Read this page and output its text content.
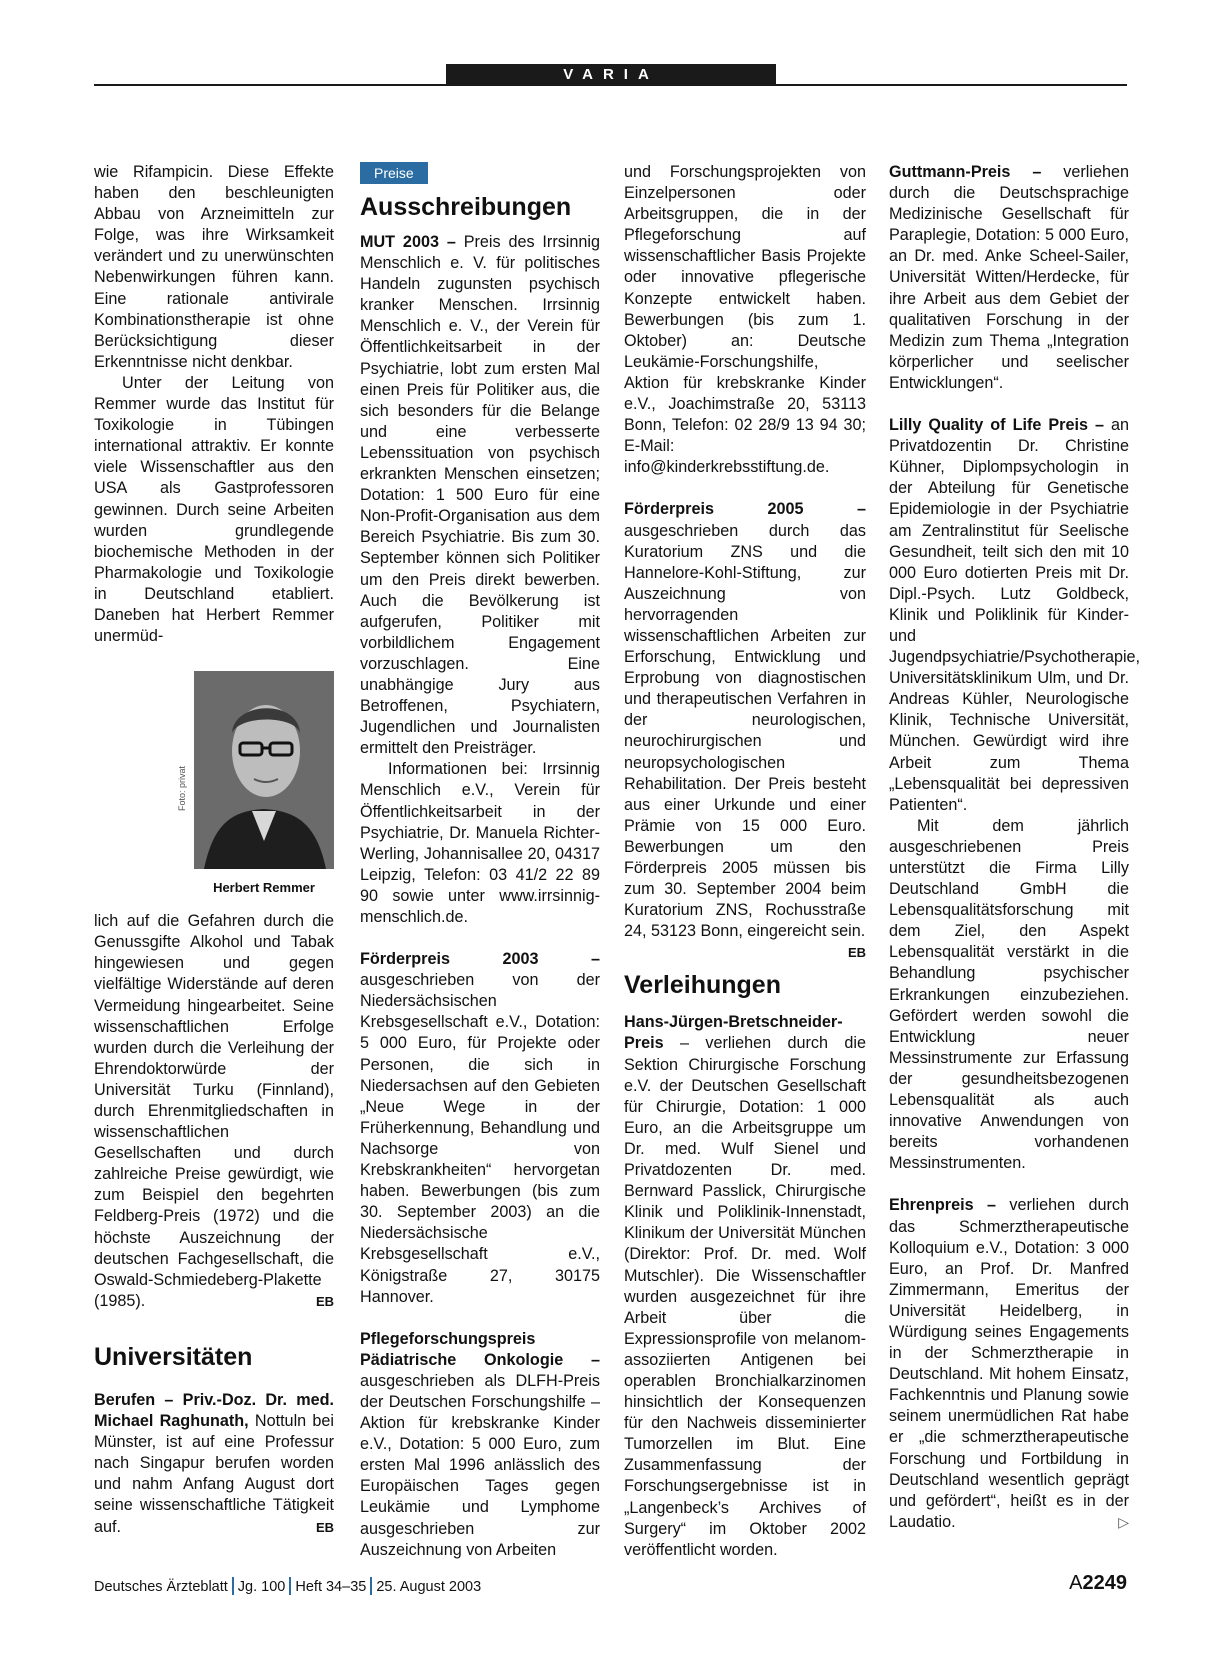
VARIA

wie Rifampicin. Diese Effekte haben den beschleunigten Abbau von Arzneimitteln zur Folge, was ihre Wirksamkeit verändert und zu unerwünschten Nebenwirkungen führen kann. Eine rationale antivirale Kombinationstherapie ist ohne Berücksichtigung dieser Erkenntnisse nicht denkbar.

Unter der Leitung von Remmer wurde das Institut für Toxikologie in Tübingen international attraktiv. Er konnte viele Wissenschaftler aus den USA als Gastprofessoren gewinnen. Durch seine Arbeiten wurden grundlegende biochemische Methoden in der Pharmakologie und Toxikologie in Deutschland etabliert. Daneben hat Herbert Remmer unermüd-

Foto: privat
Herbert Remmer

lich auf die Gefahren durch die Genussgifte Alkohol und Tabak hingewiesen und gegen vielfältige Widerstände auf deren Vermeidung hingearbeitet. Seine wissenschaftlichen Erfolge wurden durch die Verleihung der Ehrendoktorwürde der Universität Turku (Finnland), durch Ehrenmitgliedschaften in wissenschaftlichen Gesellschaften und durch zahlreiche Preise gewürdigt, wie zum Beispiel den begehrten Feldberg-Preis (1972) und die höchste Auszeichnung der deutschen Fachgesellschaft, die Oswald-Schmiedeberg-Plakette (1985).	EB

Universitäten

Berufen – Priv.-Doz. Dr. med. Michael Raghunath, Nottuln bei Münster, ist auf eine Professur nach Singapur berufen worden und nahm Anfang August dort seine wissenschaftliche Tätigkeit auf.	EB

Preise
Ausschreibungen

MUT 2003 – Preis des Irrsinnig Menschlich e. V. für politisches Handeln zugunsten psychisch kranker Menschen. Irrsinnig Menschlich e. V., der Verein für Öffentlichkeitsarbeit in der Psychiatrie, lobt zum ersten Mal einen Preis für Politiker aus, die sich besonders für die Belange und eine verbesserte Lebenssituation von psychisch erkrankten Menschen einsetzen; Dotation: 1 500 Euro für eine Non-Profit-Organisation aus dem Bereich Psychiatrie. Bis zum 30. September können sich Politiker um den Preis direkt bewerben. Auch die Bevölkerung ist aufgerufen, Politiker mit vorbildlichem Engagement vorzuschlagen. Eine unabhängige Jury aus Betroffenen, Psychiatern, Jugendlichen und Journalisten ermittelt den Preisträger.

Informationen bei: Irrsinnig Menschlich e.V., Verein für Öffentlichkeitsarbeit in der Psychiatrie, Dr. Manuela Richter-Werling, Johannisallee 20, 04317 Leipzig, Telefon: 03 41/2 22 89 90 sowie unter www.irrsinnig-menschlich.de.

Förderpreis 2003 – ausgeschrieben von der Niedersächsischen Krebsgesellschaft e.V., Dotation: 5 000 Euro, für Projekte oder Personen, die sich in Niedersachsen auf den Gebieten „Neue Wege in der Früherkennung, Behandlung und Nachsorge von Krebskrankheiten“ hervorgetan haben. Bewerbungen (bis zum 30. September 2003) an die Niedersächsische Krebsgesellschaft e.V., Königstraße 27, 30175 Hannover.

Pflegeforschungspreis Pädiatrische Onkologie – ausgeschrieben als DLFH-Preis der Deutschen Forschungshilfe – Aktion für krebskranke Kinder e.V., Dotation: 5 000 Euro, zum ersten Mal 1996 anlässlich des Europäischen Tages gegen Leukämie und Lymphome ausgeschrieben zur Auszeichnung von Arbeiten

und Forschungsprojekten von Einzelpersonen oder Arbeitsgruppen, die in der Pflegeforschung auf wissenschaftlicher Basis Projekte oder innovative pflegerische Konzepte entwickelt haben. Bewerbungen (bis zum 1. Oktober) an: Deutsche Leukämie-Forschungshilfe, Aktion für krebskranke Kinder e.V., Joachimstraße 20, 53113 Bonn, Telefon: 02 28/9 13 94 30; E-Mail: info@kinderkrebsstiftung.de.

Förderpreis 2005 – ausgeschrieben durch das Kuratorium ZNS und die Hannelore-Kohl-Stiftung, zur Auszeichnung von hervorragenden wissenschaftlichen Arbeiten zur Erforschung, Entwicklung und Erprobung von diagnostischen und therapeutischen Verfahren in der neurologischen, neurochirurgischen und neuropsychologischen Rehabilitation. Der Preis besteht aus einer Urkunde und einer Prämie von 15 000 Euro. Bewerbungen um den Förderpreis 2005 müssen bis zum 30. September 2004 beim Kuratorium ZNS, Rochusstraße 24, 53123 Bonn, eingereicht sein.
EB

Verleihungen

Hans-Jürgen-Bretschneider-Preis – verliehen durch die Sektion Chirurgische Forschung e.V. der Deutschen Gesellschaft für Chirurgie, Dotation: 1 000 Euro, an die Arbeitsgruppe um Dr. med. Wulf Sienel und Privatdozenten Dr. med. Bernward Passlick, Chirurgische Klinik und Poliklinik-Innenstadt, Klinikum der Universität München (Direktor: Prof. Dr. med. Wolf Mutschler). Die Wissenschaftler wurden ausgezeichnet für ihre Arbeit über die Expressionsprofile von melanom-assoziierten Antigenen bei operablen Bronchialkarzinomen hinsichtlich der Konsequenzen für den Nachweis disseminierter Tumorzellen im Blut. Eine Zusammenfassung der Forschungsergebnisse ist in „Langenbeck’s Archives of Surgery“ im Oktober 2002 veröffentlicht worden.

Guttmann-Preis – verliehen durch die Deutschsprachige Medizinische Gesellschaft für Paraplegie, Dotation: 5 000 Euro, an Dr. med. Anke Scheel-Sailer, Universität Witten/Herdecke, für ihre Arbeit aus dem Gebiet der qualitativen Forschung in der Medizin zum Thema „Integration körperlicher und seelischer Entwicklungen“.

Lilly Quality of Life Preis – an Privatdozentin Dr. Christine Kühner, Diplompsychologin in der Abteilung für Genetische Epidemiologie in der Psychiatrie am Zentralinstitut für Seelische Gesundheit, teilt sich den mit 10 000 Euro dotierten Preis mit Dr. Dipl.-Psych. Lutz Goldbeck, Klinik und Poliklinik für Kinder- und Jugendpsychiatrie/Psychotherapie, Universitätsklinikum Ulm, und Dr. Andreas Kühler, Neurologische Klinik, Technische Universität, München. Gewürdigt wird ihre Arbeit zum Thema „Lebensqualität bei depressiven Patienten“.

Mit dem jährlich ausgeschriebenen Preis unterstützt die Firma Lilly Deutschland GmbH die Lebensqualitätsforschung mit dem Ziel, den Aspekt Lebensqualität verstärkt in die Behandlung psychischer Erkrankungen einzubeziehen. Gefördert werden sowohl die Entwicklung neuer Messinstrumente zur Erfassung der gesundheitsbezogenen Lebensqualität als auch innovative Anwendungen von bereits vorhandenen Messinstrumenten.

Ehrenpreis – verliehen durch das Schmerztherapeutische Kolloquium e.V., Dotation: 3 000 Euro, an Prof. Dr. Manfred Zimmermann, Emeritus der Universität Heidelberg, in Würdigung seines Engagements in der Schmerztherapie in Deutschland. Mit hohem Einsatz, Fachkenntnis und Planung sowie seinem unermüdlichen Rat habe er „die schmerztherapeutische Forschung und Fortbildung in Deutschland wesentlich geprägt und gefördert“, heißt es in der Laudatio.	▷

Deutsches Ärzteblatt Jg. 100 Heft 34–35 25. August 2003	A2249
